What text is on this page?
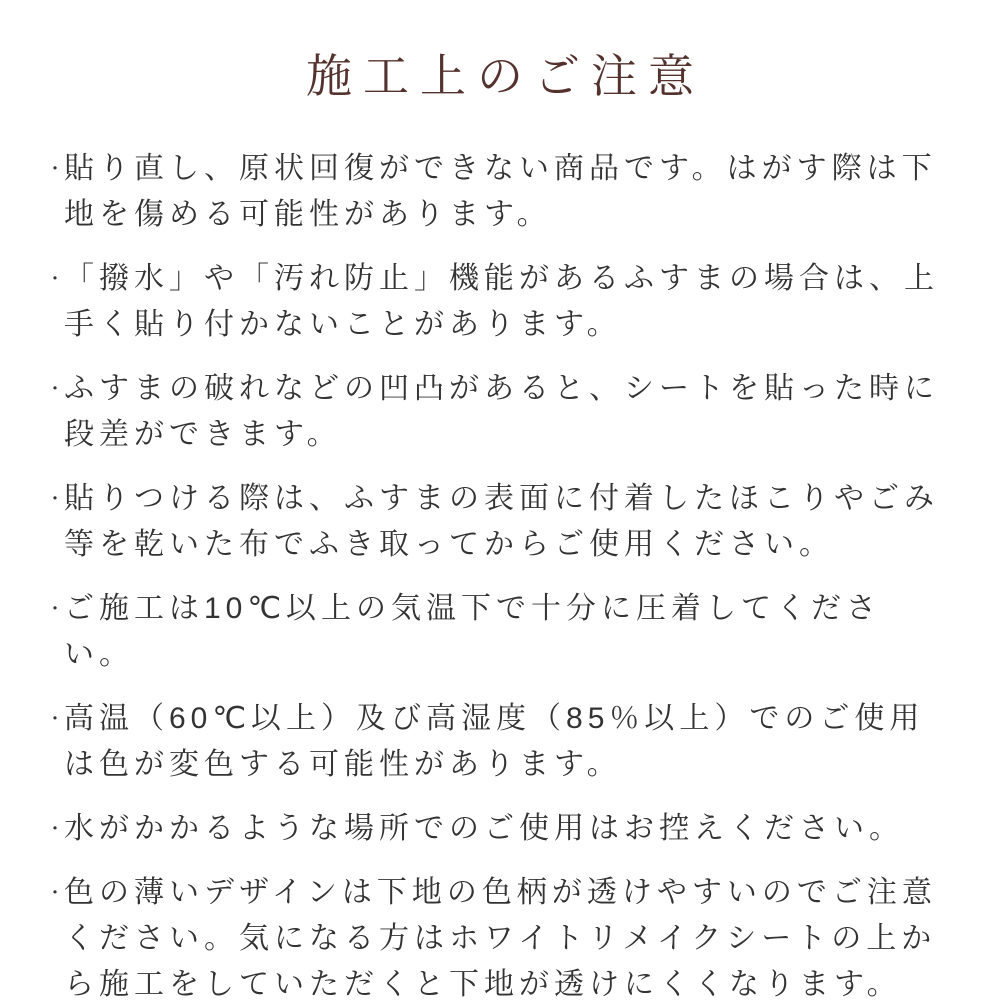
施工上のご注意
・ 貼り直し、原状回復ができない商品です。はがす際は下地を傷める可能性があります。
・ 「撥水」や「汚れ防止」機能があるふすまの場合は、上手く貼り付かないことがあります。
・ ふすまの破れなどの凹凸があると、シートを貼った時に段差ができます。
・ 貼りつける際は、ふすまの表面に付着したほこりやごみ等を乾いた布でふき取ってからご使用ください。
・ ご施工は10℃以上の気温下で十分に圧着してください。
・ 高温（60℃以上）及び高湿度（85％以上）でのご使用は色が変色する可能性があります。
・ 水がかかるような場所でのご使用はお控えください。
・ 色の薄いデザインは下地の色柄が透けやすいのでご注意ください。気になる方はホワイトリメイクシートの上から施工をしていただくと下地が透けにくくなります。
